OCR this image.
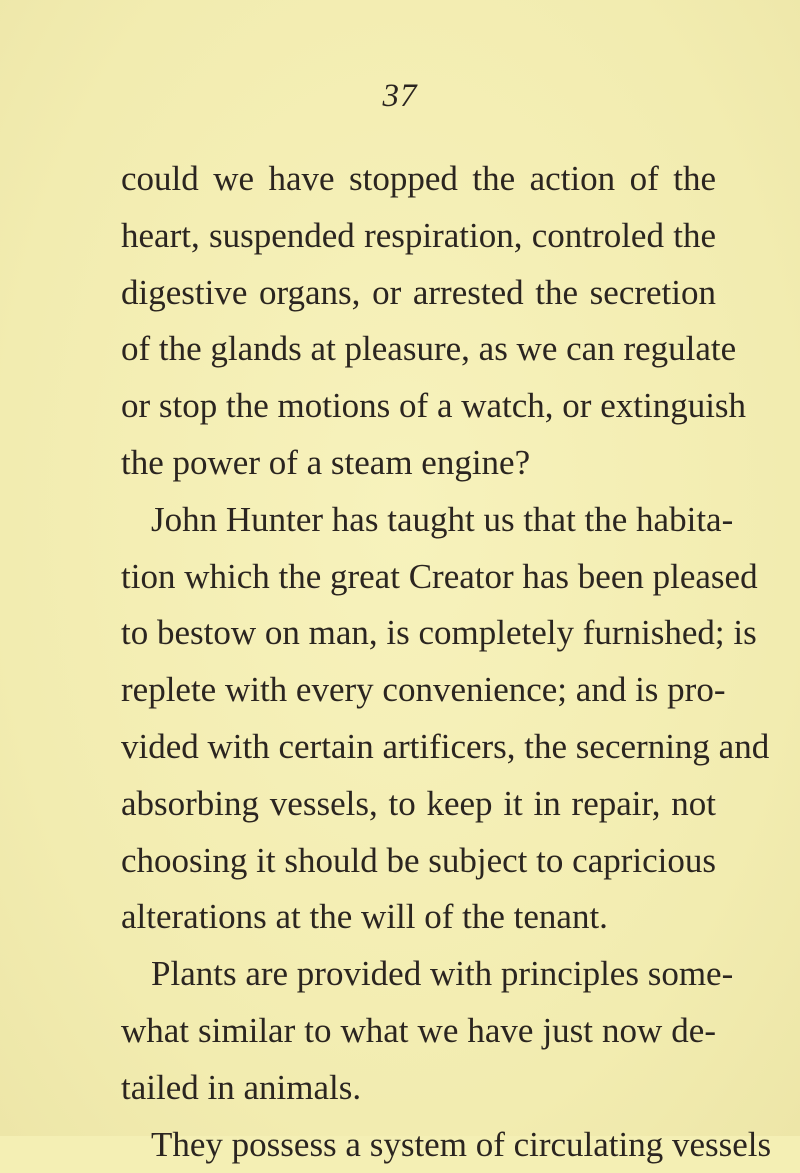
37
could we have stopped the action of the
heart, suspended respiration, controled the
digestive organs, or arrested the secretion
of the glands at pleasure, as we can regulate
or stop the motions of a watch, or extinguish
the power of a steam engine?
John Hunter has taught us that the habita-
tion which the great Creator has been pleased
to bestow on man, is completely furnished; is
replete with every convenience; and is pro-
vided with certain artificers, the secerning and
absorbing vessels, to keep it in repair, not
choosing it should be subject to capricious
alterations at the will of the tenant.
Plants are provided with principles some-
what similar to what we have just now de-
tailed in animals.
They possess a system of circulating vessels
